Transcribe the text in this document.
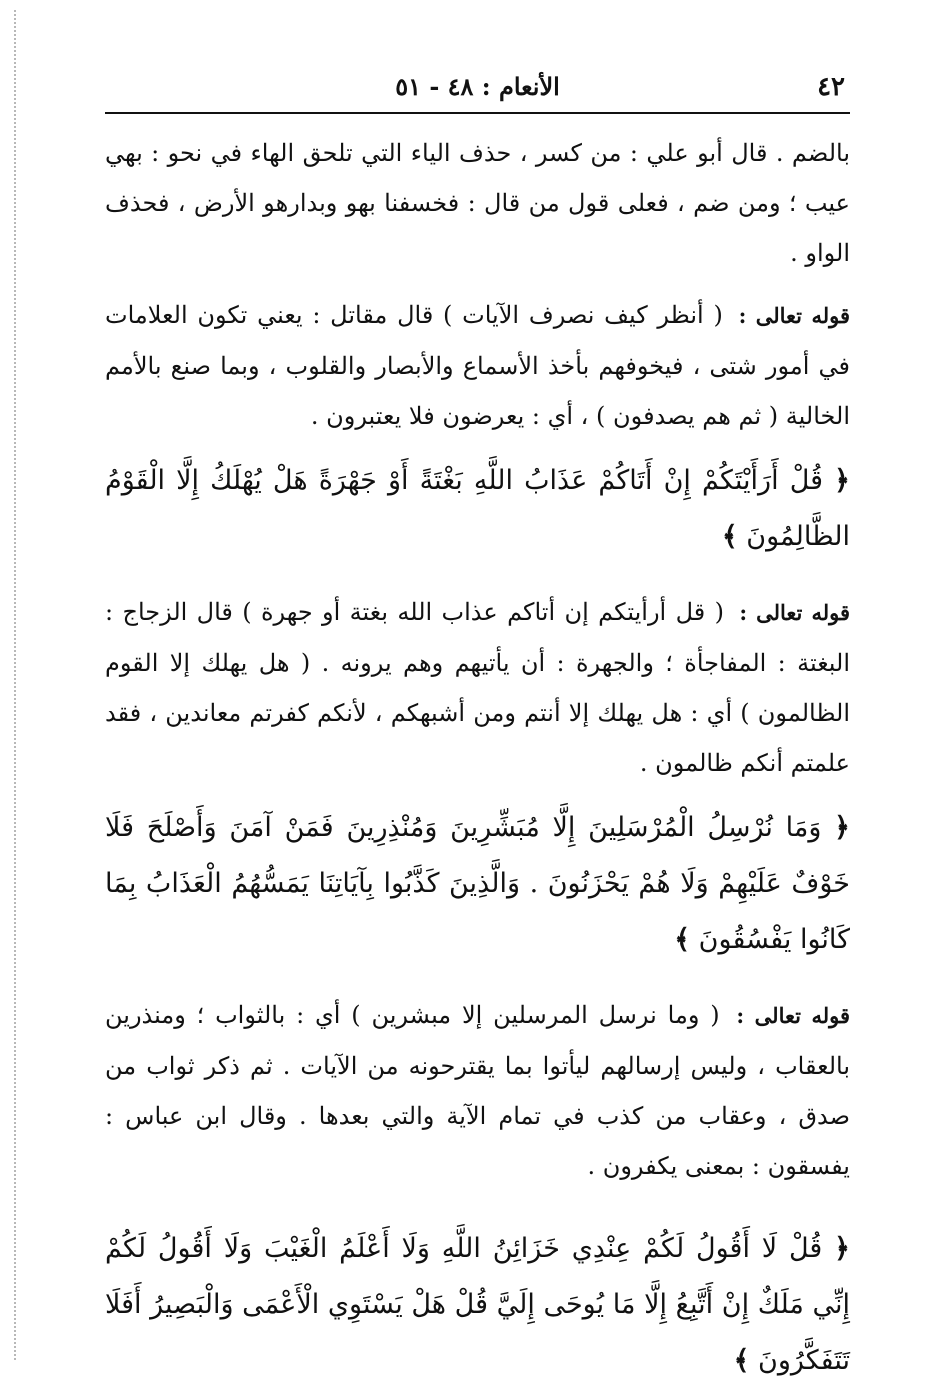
٤٢
الأنعام : ٤٨ - ٥١

بالضم . قال أبو علي : من كسر ، حذف الياء التي تلحق الهاء في نحو : بهي عيب ؛ ومن ضم ، فعلى قول من قال : فخسفنا بهو وبدارهو الأرض ، فحذف الواو .

قوله تعالى : ( أنظر كيف نصرف الآيات ) قال مقاتل : يعني تكون العلامات في أمور شتى ، فيخوفهم بأخذ الأسماع والأبصار والقلوب ، وبما صنع بالأمم الخالية ( ثم هم يصدفون ) ، أي : يعرضون فلا يعتبرون .

﴿ قُلْ أَرَأَيْتَكُمْ إِنْ أَتَاكُمْ عَذَابُ اللَّهِ بَغْتَةً أَوْ جَهْرَةً هَلْ يُهْلَكُ إِلَّا الْقَوْمُ الظَّالِمُونَ ﴾

قوله تعالى : ( قل أرأيتكم إن أتاكم عذاب الله بغتة أو جهرة ) قال الزجاج : البغتة : المفاجأة ؛ والجهرة : أن يأتيهم وهم يرونه . ( هل يهلك إلا القوم الظالمون ) أي : هل يهلك إلا أنتم ومن أشبهكم ، لأنكم كفرتم معاندين ، فقد علمتم أنكم ظالمون .

﴿ وَمَا نُرْسِلُ الْمُرْسَلِينَ إِلَّا مُبَشِّرِينَ وَمُنْذِرِينَ فَمَنْ آمَنَ وَأَصْلَحَ فَلَا خَوْفٌ عَلَيْهِمْ وَلَا هُمْ يَحْزَنُونَ . وَالَّذِينَ كَذَّبُوا بِآيَاتِنَا يَمَسُّهُمُ الْعَذَابُ بِمَا كَانُوا يَفْسُقُونَ ﴾

قوله تعالى : ( وما نرسل المرسلين إلا مبشرين ) أي : بالثواب ؛ ومنذرين بالعقاب ، وليس إرسالهم ليأتوا بما يقترحونه من الآيات . ثم ذكر ثواب من صدق ، وعقاب من كذب في تمام الآية والتي بعدها . وقال ابن عباس : يفسقون : بمعنى يكفرون .

﴿ قُلْ لَا أَقُولُ لَكُمْ عِنْدِي خَزَائِنُ اللَّهِ وَلَا أَعْلَمُ الْغَيْبَ وَلَا أَقُولُ لَكُمْ إِنِّي مَلَكٌ إِنْ أَتَّبِعُ إِلَّا مَا يُوحَى إِلَيَّ قُلْ هَلْ يَسْتَوِي الْأَعْمَى وَالْبَصِيرُ أَفَلَا تَتَفَكَّرُونَ ﴾
